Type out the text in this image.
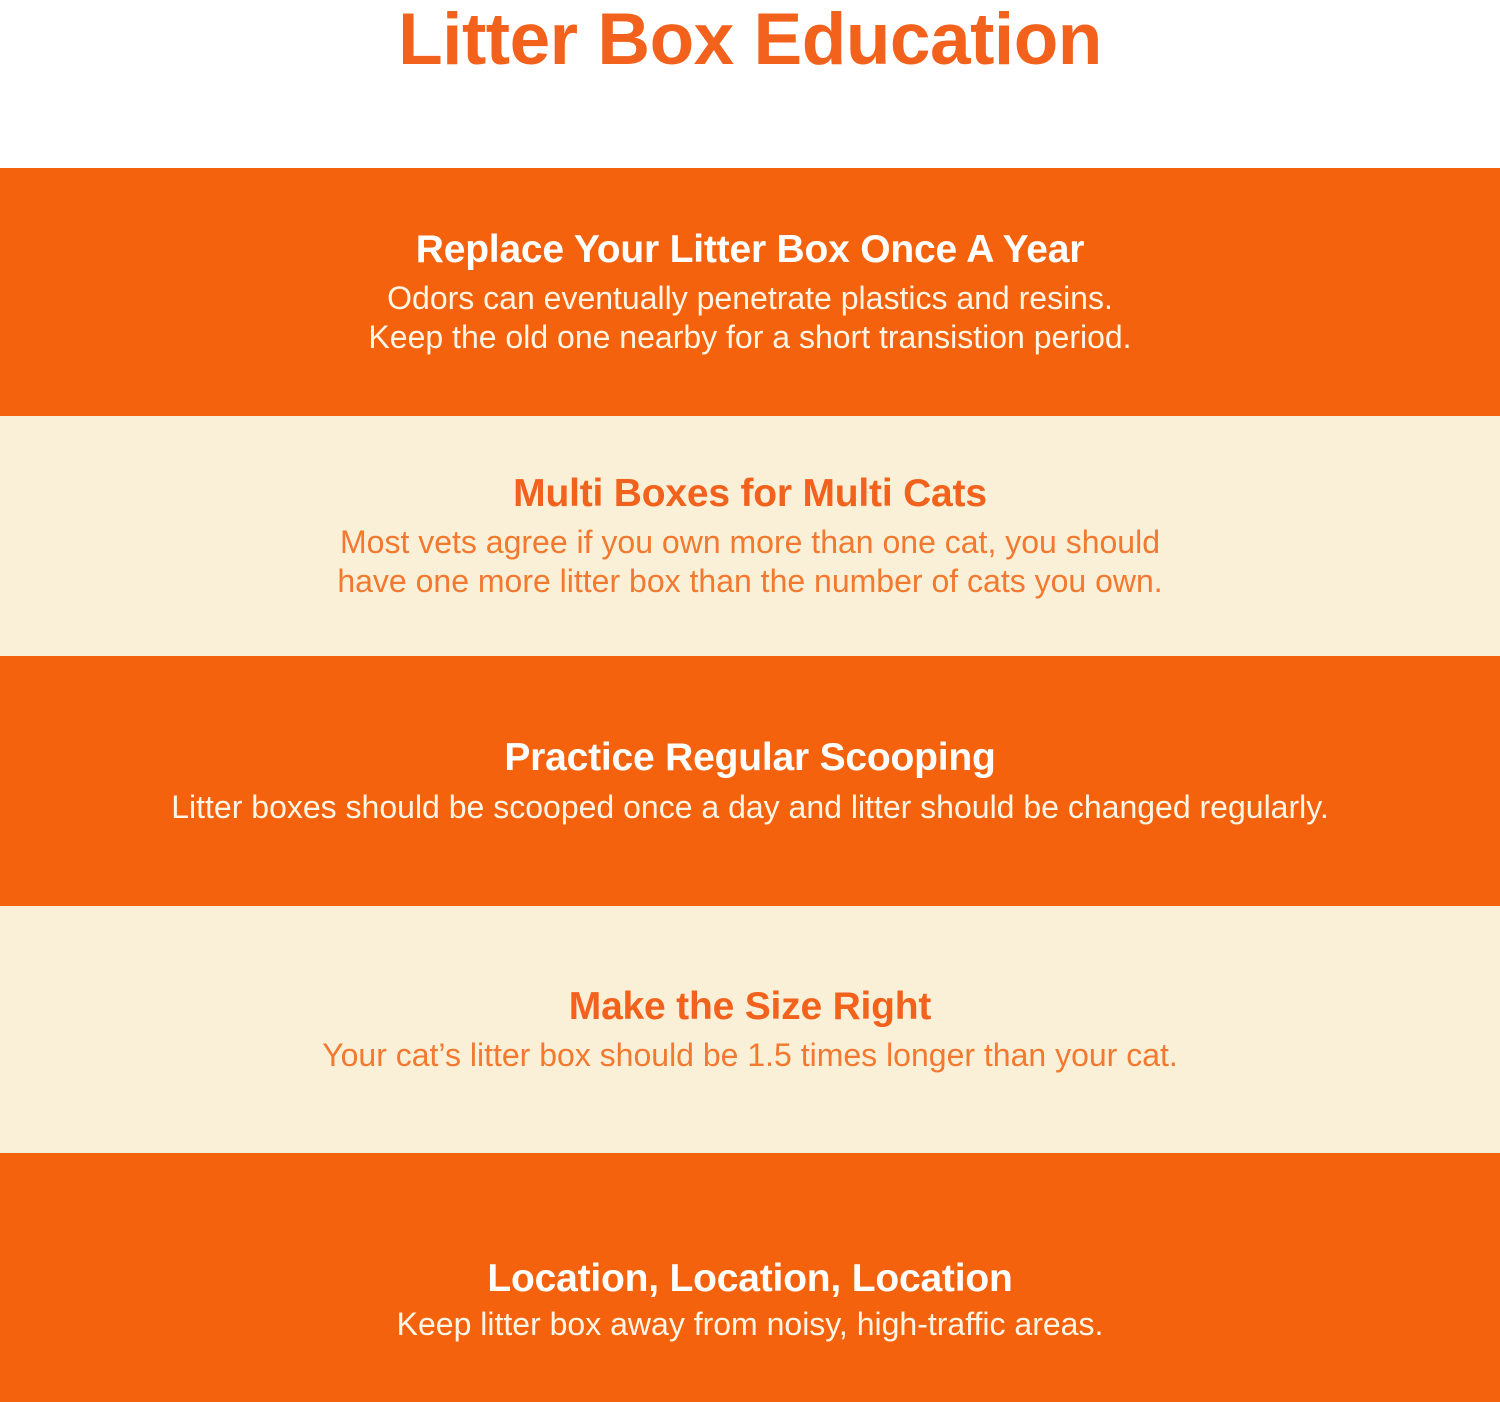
Litter Box Education
Replace Your Litter Box Once A Year

Odors can eventually penetrate plastics and resins.
Keep the old one nearby for a short transistion period.

Multi Boxes for Multi Cats

Most vets agree if you own more than one cat, you should
have one more litter box than the number of cats you own.

Practice Regular Scooping

Litter boxes should be scooped once a day and litter should be changed regularly.

Make the Size Right

Your cat’s litter box should be 1.5 times longer than your cat.

Location, Location, Location

Keep litter box away from noisy, high-traffic areas.
